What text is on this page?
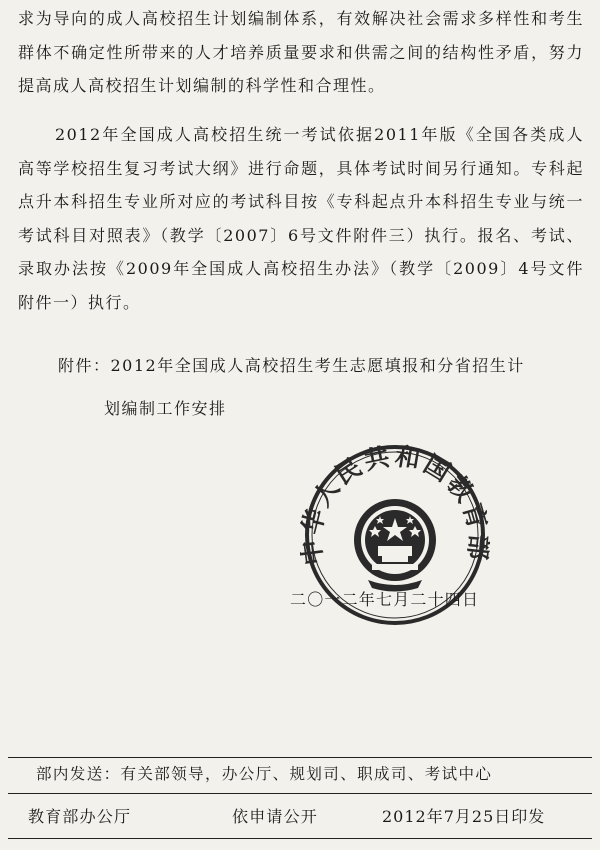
求为导向的成人高校招生计划编制体系，有效解决社会需求多样性和考生群体不确定性所带来的人才培养质量要求和供需之间的结构性矛盾，努力提高成人高校招生计划编制的科学性和合理性。

2012年全国成人高校招生统一考试依据2011年版《全国各类成人高等学校招生复习考试大纲》进行命题，具体考试时间另行通知。专科起点升本科招生专业所对应的考试科目按《专科起点升本科招生专业与统一考试科目对照表》（教学〔2007〕6号文件附件三）执行。报名、考试、录取办法按《2009年全国成人高校招生办法》（教学〔2009〕4号文件附件一）执行。

附件：2012年全国成人高校招生考生志愿填报和分省招生计
划编制工作安排
华人民共和国教育
二〇一二年七月二十四日
部内发送：有关部领导，办公厅、规划司、职成司、考试中心
教育部办公厅	依申请公开	2012年7月25日印发
